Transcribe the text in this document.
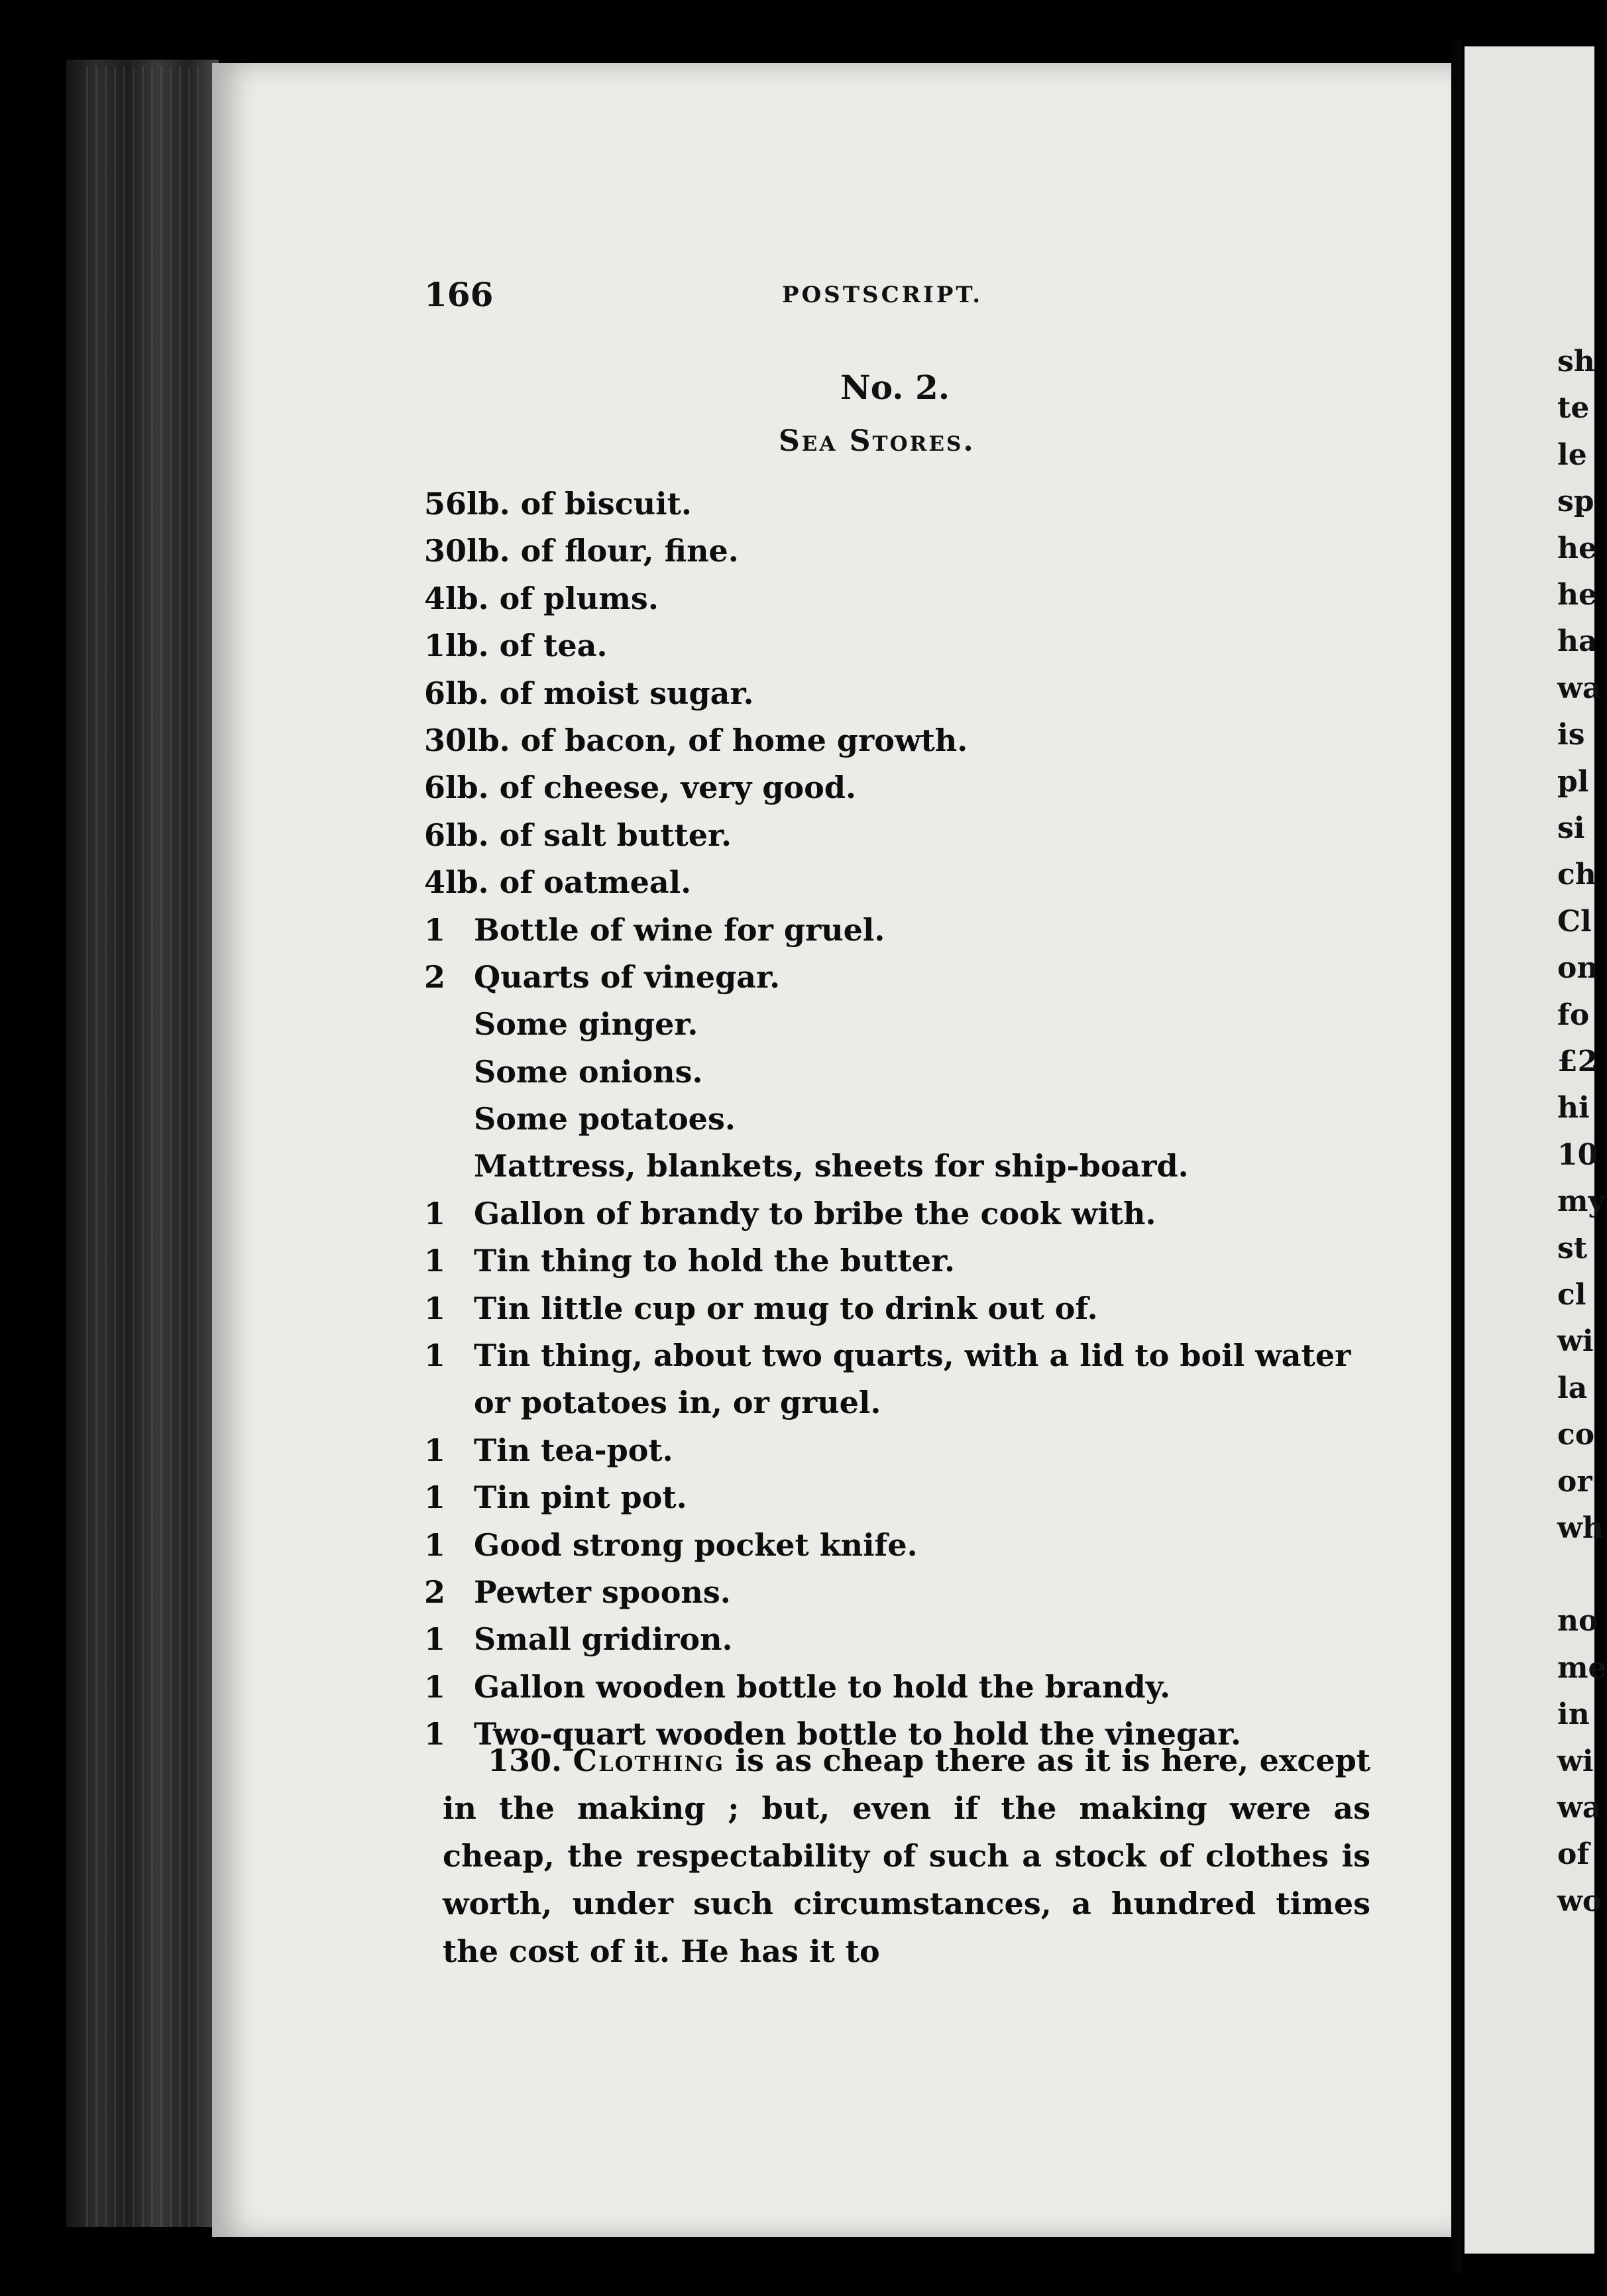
166	POSTSCRIPT.
No. 2.
Sea Stores.
56lb. of biscuit.
30lb. of flour, fine.
4lb. of plums.
1lb. of tea.
6lb. of moist sugar.
30lb. of bacon, of home growth.
6lb. of cheese, very good.
6lb. of salt butter.
4lb. of oatmeal.
1 Bottle of wine for gruel.
2 Quarts of vinegar.
Some ginger.
Some onions.
Some potatoes.
Mattress, blankets, sheets for ship-board.
1 Gallon of brandy to bribe the cook with.
1 Tin thing to hold the butter.
1 Tin little cup or mug to drink out of.
1 Tin thing, about two quarts, with a lid to boil water or potatoes in, or gruel.
1 Tin tea-pot.
1 Tin pint pot.
1 Good strong pocket knife.
2 Pewter spoons.
1 Small gridiron.
1 Gallon wooden bottle to hold the brandy.
1 Two-quart wooden bottle to hold the vinegar.
130. Clothing is as cheap there as it is here, except in the making ; but, even if the making were as cheap, the respectability of such a stock of clothes is worth, under such circumstances, a hundred times the cost of it. He has it to
sh
te
le
sp
he
he
ha
wa
is
pl
si
ch
Cl
on
fo
£2
hi
10
my
st
cl
wi
la
co
or
wh
no
me
in
wi
wa
of
wo
